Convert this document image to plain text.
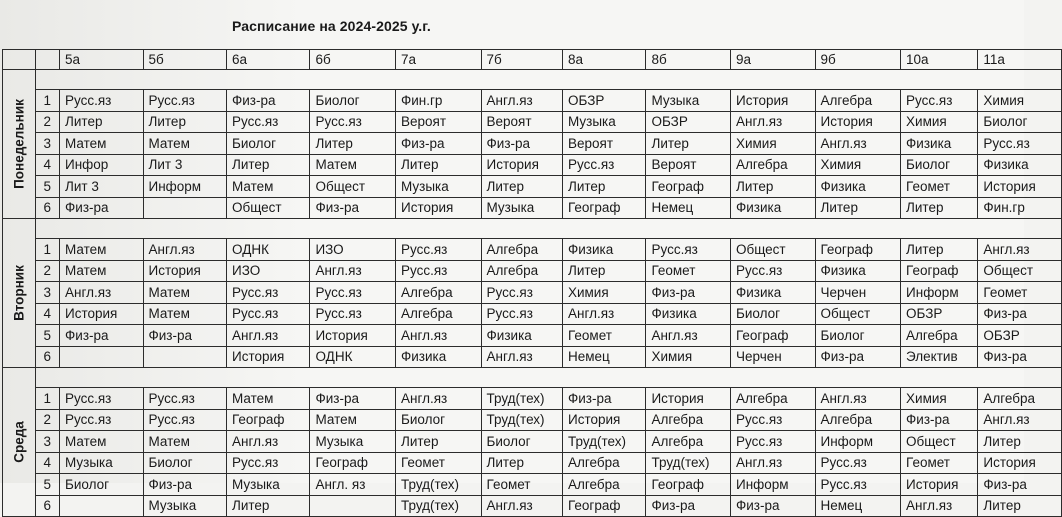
Расписание на 2024-2025 у.г.
		5а	5б	6а	6б	7а	7б	8а	8б	9а	9б	10а	11а

Понедельник													

	1	Русс.яз	Русс.яз	Физ-ра	Биолог	Фин.гр	Англ.яз	ОБЗР	Музыка	История	Алгебра	Русс.яз	Химия
	2	Литер	Литер	Русс.яз	Русс.яз	Вероят	Вероят	Музыка	ОБЗР	Англ.яз	История	Химия	Биолог
	3	Матем	Матем	Биолог	Литер	Физ-ра	Физ-ра	Вероят	Литер	Химия	Англ.яз	Физика	Русс.яз
	4	Инфор	Лит 3	Литер	Матем	Литер	История	Русс.яз	Вероят	Алгебра	Химия	Биолог	Физика
	5	Лит 3	Информ	Матем	Общест	Музыка	Литер	Литер	Географ	Литер	Физика	Геомет	История
	6	Физ-ра		Общест	Физ-ра	История	Музыка	Географ	Немец	Физика	Литер	Литер	Фин.гр

Вторник													

	1	Матем	Англ.яз	ОДНК	ИЗО	Русс.яз	Алгебра	Физика	Русс.яз	Общест	Географ	Литер	Англ.яз
	2	Матем	История	ИЗО	Англ.яз	Русс.яз	Алгебра	Литер	Геомет	Русс.яз	Физика	Географ	Общест
	3	Англ.яз	Матем	Русс.яз	Русс.яз	Алгебра	Русс.яз	Химия	Физ-ра	Физика	Черчен	Информ	Геомет
	4	История	Матем	Русс.яз	Русс.яз	Алгебра	Русс.яз	Англ.яз	Физика	Биолог	Общест	ОБЗР	Физ-ра
	5	Физ-ра	Физ-ра	Англ.яз	История	Англ.яз	Физика	Геомет	Англ.яз	Географ	Биолог	Алгебра	ОБЗР
	6			История	ОДНК	Физика	Англ.яз	Немец	Химия	Черчен	Физ-ра	Электив	Физ-ра

Среда													

	1	Русс.яз	Русс.яз	Матем	Физ-ра	Англ.яз	Труд(тех)	Физ-ра	История	Алгебра	Англ.яз	Химия	Алгебра
	2	Русс.яз	Русс.яз	Географ	Матем	Биолог	Труд(тех)	История	Алгебра	Русс.яз	Алгебра	Физ-ра	Англ.яз
	3	Матем	Матем	Англ.яз	Музыка	Литер	Биолог	Труд(тех)	Алгебра	Русс.яз	Информ	Общест	Литер
	4	Музыка	Биолог	Русс.яз	Географ	Геомет	Литер	Алгебра	Труд(тех)	Англ.яз	Русс.яз	Геомет	История
	5	Биолог	Физ-ра	Музыка	Англ. яз	Труд(тех)	Геомет	Алгебра	Географ	Информ	Русс.яз	История	Физ-ра
	6		Музыка	Литер		Труд(тех)	Англ.яз	Географ	Физ-ра	Физ-ра	Немец	Англ.яз	Литер
